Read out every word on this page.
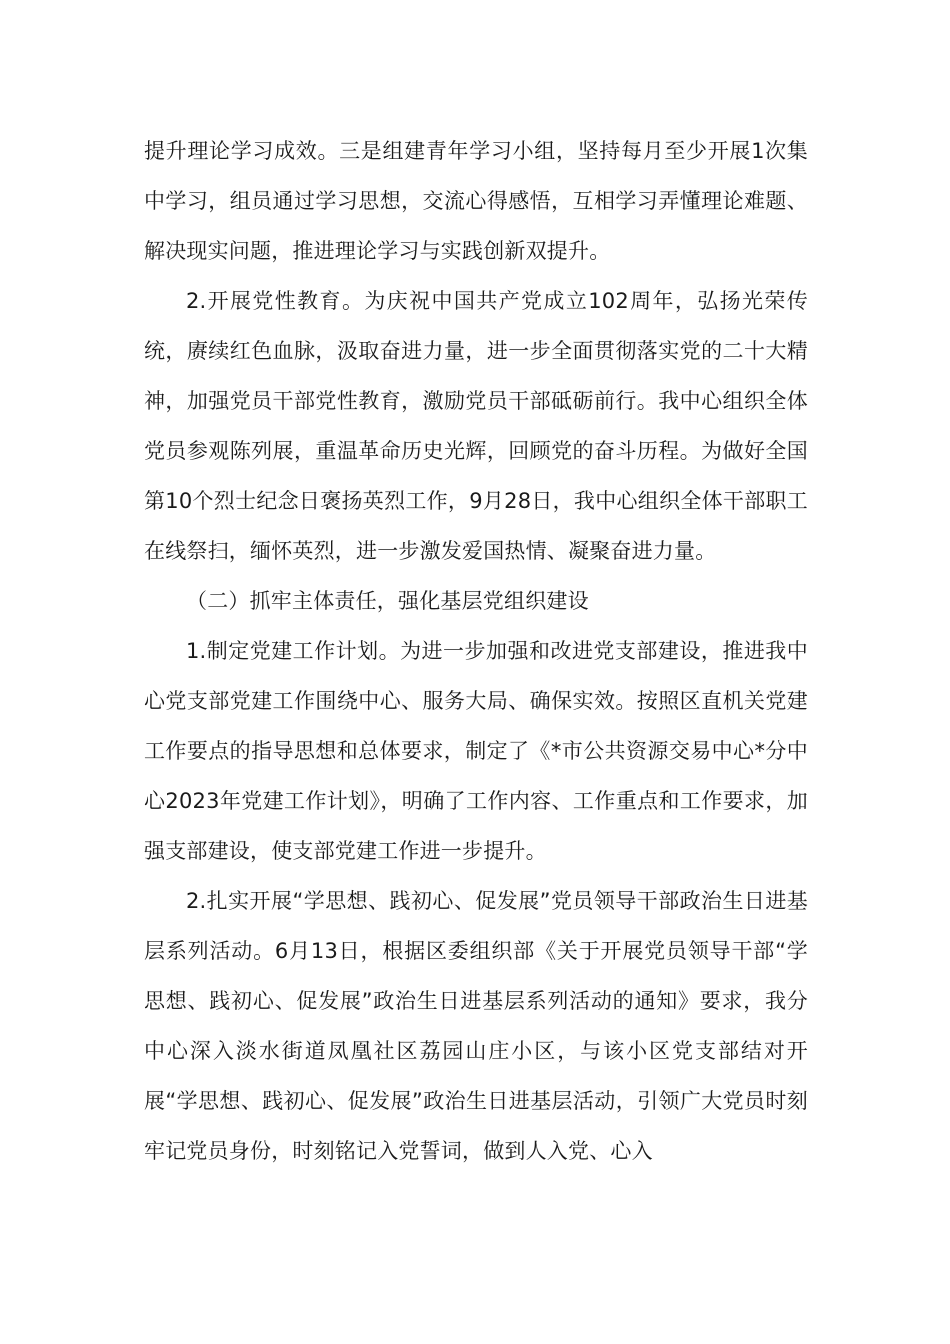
提升理论学习成效。三是组建青年学习小组，坚持每月至少开展1次集中学习，组员通过学习思想，交流心得感悟，互相学习弄懂理论难题、解决现实问题，推进理论学习与实践创新双提升。

2.开展党性教育。为庆祝中国共产党成立102周年，弘扬光荣传统，赓续红色血脉，汲取奋进力量，进一步全面贯彻落实党的二十大精神，加强党员干部党性教育，激励党员干部砥砺前行。我中心组织全体党员参观陈列展，重温革命历史光辉，回顾党的奋斗历程。为做好全国第10个烈士纪念日褒扬英烈工作，9月28日，我中心组织全体干部职工在线祭扫，缅怀英烈，进一步激发爱国热情、凝聚奋进力量。

（二）抓牢主体责任，强化基层党组织建设

1.制定党建工作计划。为进一步加强和改进党支部建设，推进我中心党支部党建工作围绕中心、服务大局、确保实效。按照区直机关党建工作要点的指导思想和总体要求，制定了《*市公共资源交易中心*分中心2023年党建工作计划》，明确了工作内容、工作重点和工作要求，加强支部建设，使支部党建工作进一步提升。

2.扎实开展“学思想、践初心、促发展”党员领导干部政治生日进基层系列活动。6月13日，根据区委组织部《关于开展党员领导干部“学思想、践初心、促发展”政治生日进基层系列活动的通知》要求，我分中心深入淡水街道凤凰社区荔园山庄小区，与该小区党支部结对开展“学思想、践初心、促发展”政治生日进基层活动，引领广大党员时刻牢记党员身份，时刻铭记入党誓词，做到人入党、心入
